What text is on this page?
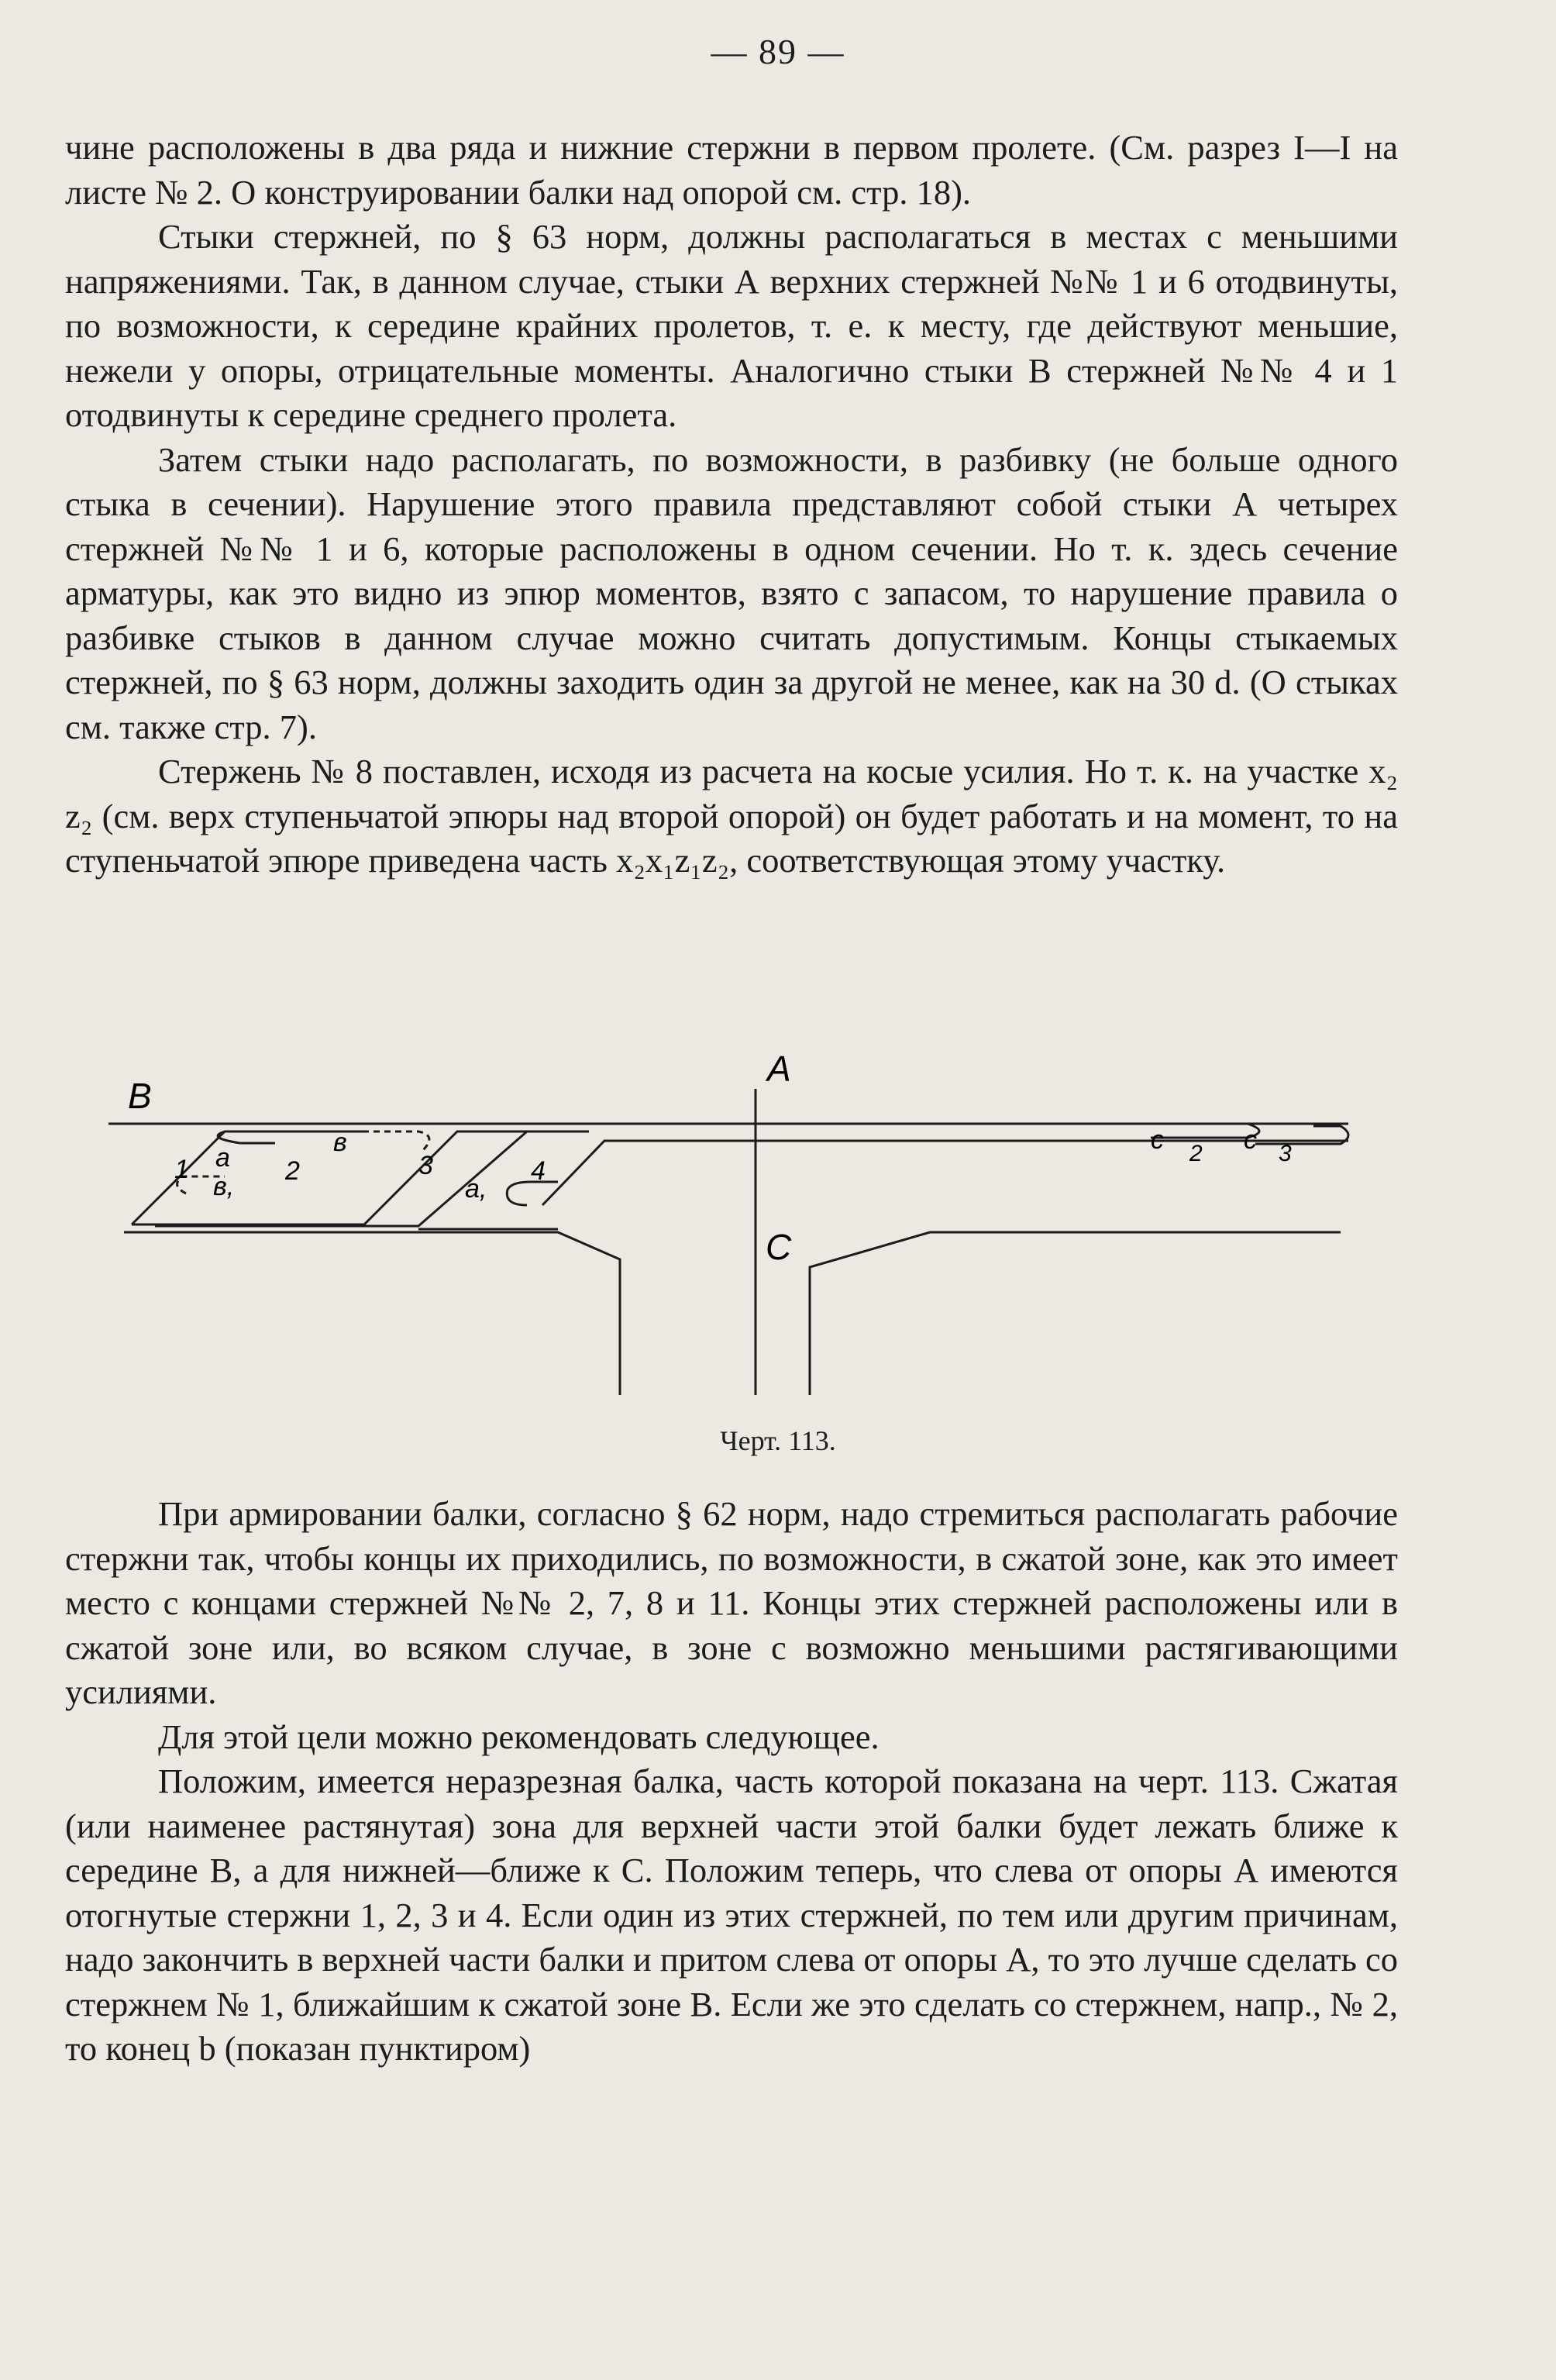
— 89 —

чине расположены в два ряда и нижние стержни в первом пролете. (См. разрез I—I на листе № 2. О конструировании балки над опорой см. стр. 18).

Стыки стержней, по § 63 норм, должны располагаться в местах с меньшими напряжениями. Так, в данном случае, стыки А верхних стержней №№ 1 и 6 отодвинуты, по возможности, к середине крайних пролетов, т. е. к месту, где действуют меньшие, нежели у опоры, отрицательные моменты. Аналогично стыки В стержней №№ 4 и 1 отодвинуты к середине среднего пролета.

Затем стыки надо располагать, по возможности, в разбивку (не больше одного стыка в сечении). Нарушение этого правила представляют собой стыки А четырех стержней №№ 1 и 6, которые расположены в одном сечении. Но т. к. здесь сечение арматуры, как это видно из эпюр моментов, взято с запасом, то нарушение правила о разбивке стыков в данном случае можно считать допустимым. Концы стыкаемых стержней, по § 63 норм, должны заходить один за другой не менее, как на 30 d. (О стыках см. также стр. 7).

Стержень № 8 поставлен, исходя из расчета на косые усилия. Но т. к. на участке x₂ z₂ (см. верх ступеньчатой эпюры над второй опорой) он будет работать и на момент, то на ступеньчатой эпюре приведена часть x₂x₁z₁z₂, соответствующая этому участку.

B
A
C
1	2	3	4
a
a,
в,
в	c 2 c 3
Черт. 113.

При армировании балки, согласно § 62 норм, надо стремиться располагать рабочие стержни так, чтобы концы их приходились, по возможности, в сжатой зоне, как это имеет место с концами стержней №№ 2, 7, 8 и 11. Концы этих стержней расположены или в сжатой зоне или, во всяком случае, в зоне с возможно меньшими растягивающими усилиями.

Для этой цели можно рекомендовать следующее.

Положим, имеется неразрезная балка, часть которой показана на черт. 113. Сжатая (или наименее растянутая) зона для верхней части этой балки будет лежать ближе к середине В, а для нижней—ближе к С. Положим теперь, что слева от опоры А имеются отогнутые стержни 1, 2, 3 и 4. Если один из этих стержней, по тем или другим причинам, надо закончить в верхней части балки и притом слева от опоры А, то это лучше сделать со стержнем № 1, ближайшим к сжатой зоне В. Если же это сделать со стержнем, напр., № 2, то конец b (показан пунктиром)
